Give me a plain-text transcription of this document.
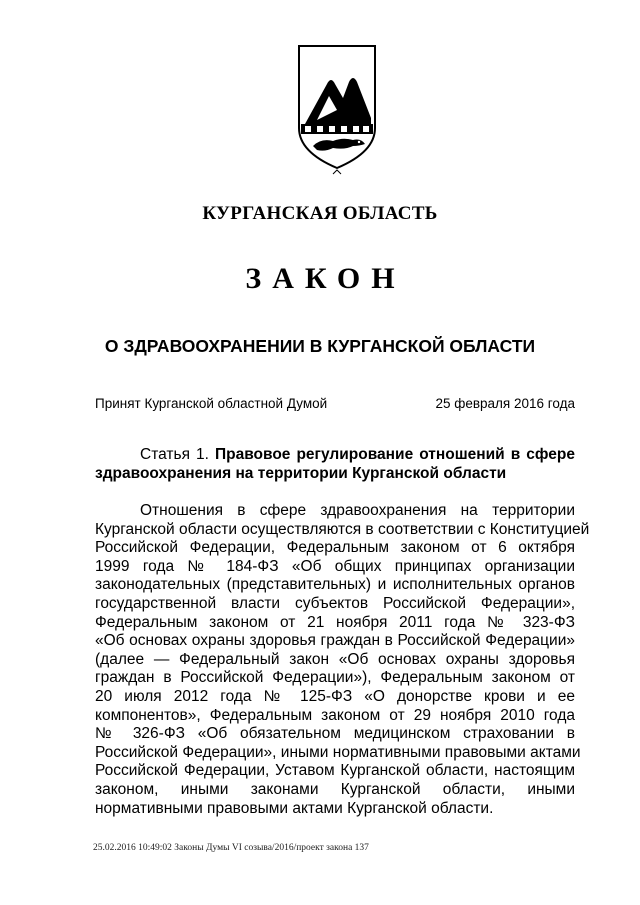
КУРГАНСКАЯ ОБЛАСТЬ
ЗАКОН
О ЗДРАВООХРАНЕНИИ В КУРГАНСКОЙ ОБЛАСТИ
Принят Курганской областной Думой	25 февраля 2016 года
Статья 1. Правовое регулирование отношений в сфере здравоохранения на территории Курганской области
Отношения в сфере здравоохранения на территории
Курганской области осуществляются в соответствии с Конституцией
Российской Федерации, Федеральным законом от 6 октября
1999 года № 184-ФЗ «Об общих принципах организации
законодательных (представительных) и исполнительных органов
государственной власти субъектов Российской Федерации»,
Федеральным законом от 21 ноября 2011 года № 323-ФЗ
«Об основах охраны здоровья граждан в Российской Федерации»
(далее — Федеральный закон «Об основах охраны здоровья
граждан в Российской Федерации»), Федеральным законом от
20 июля 2012 года № 125-ФЗ «О донорстве крови и ее
компонентов», Федеральным законом от 29 ноября 2010 года
№ 326-ФЗ «Об обязательном медицинском страховании в
Российской Федерации», иными нормативными правовыми актами
Российской Федерации, Уставом Курганской области, настоящим
законом, иными законами Курганской области, иными
нормативными правовыми актами Курганской области.
25.02.2016 10:49:02 Законы Думы VI созыва/2016/проект закона 137
